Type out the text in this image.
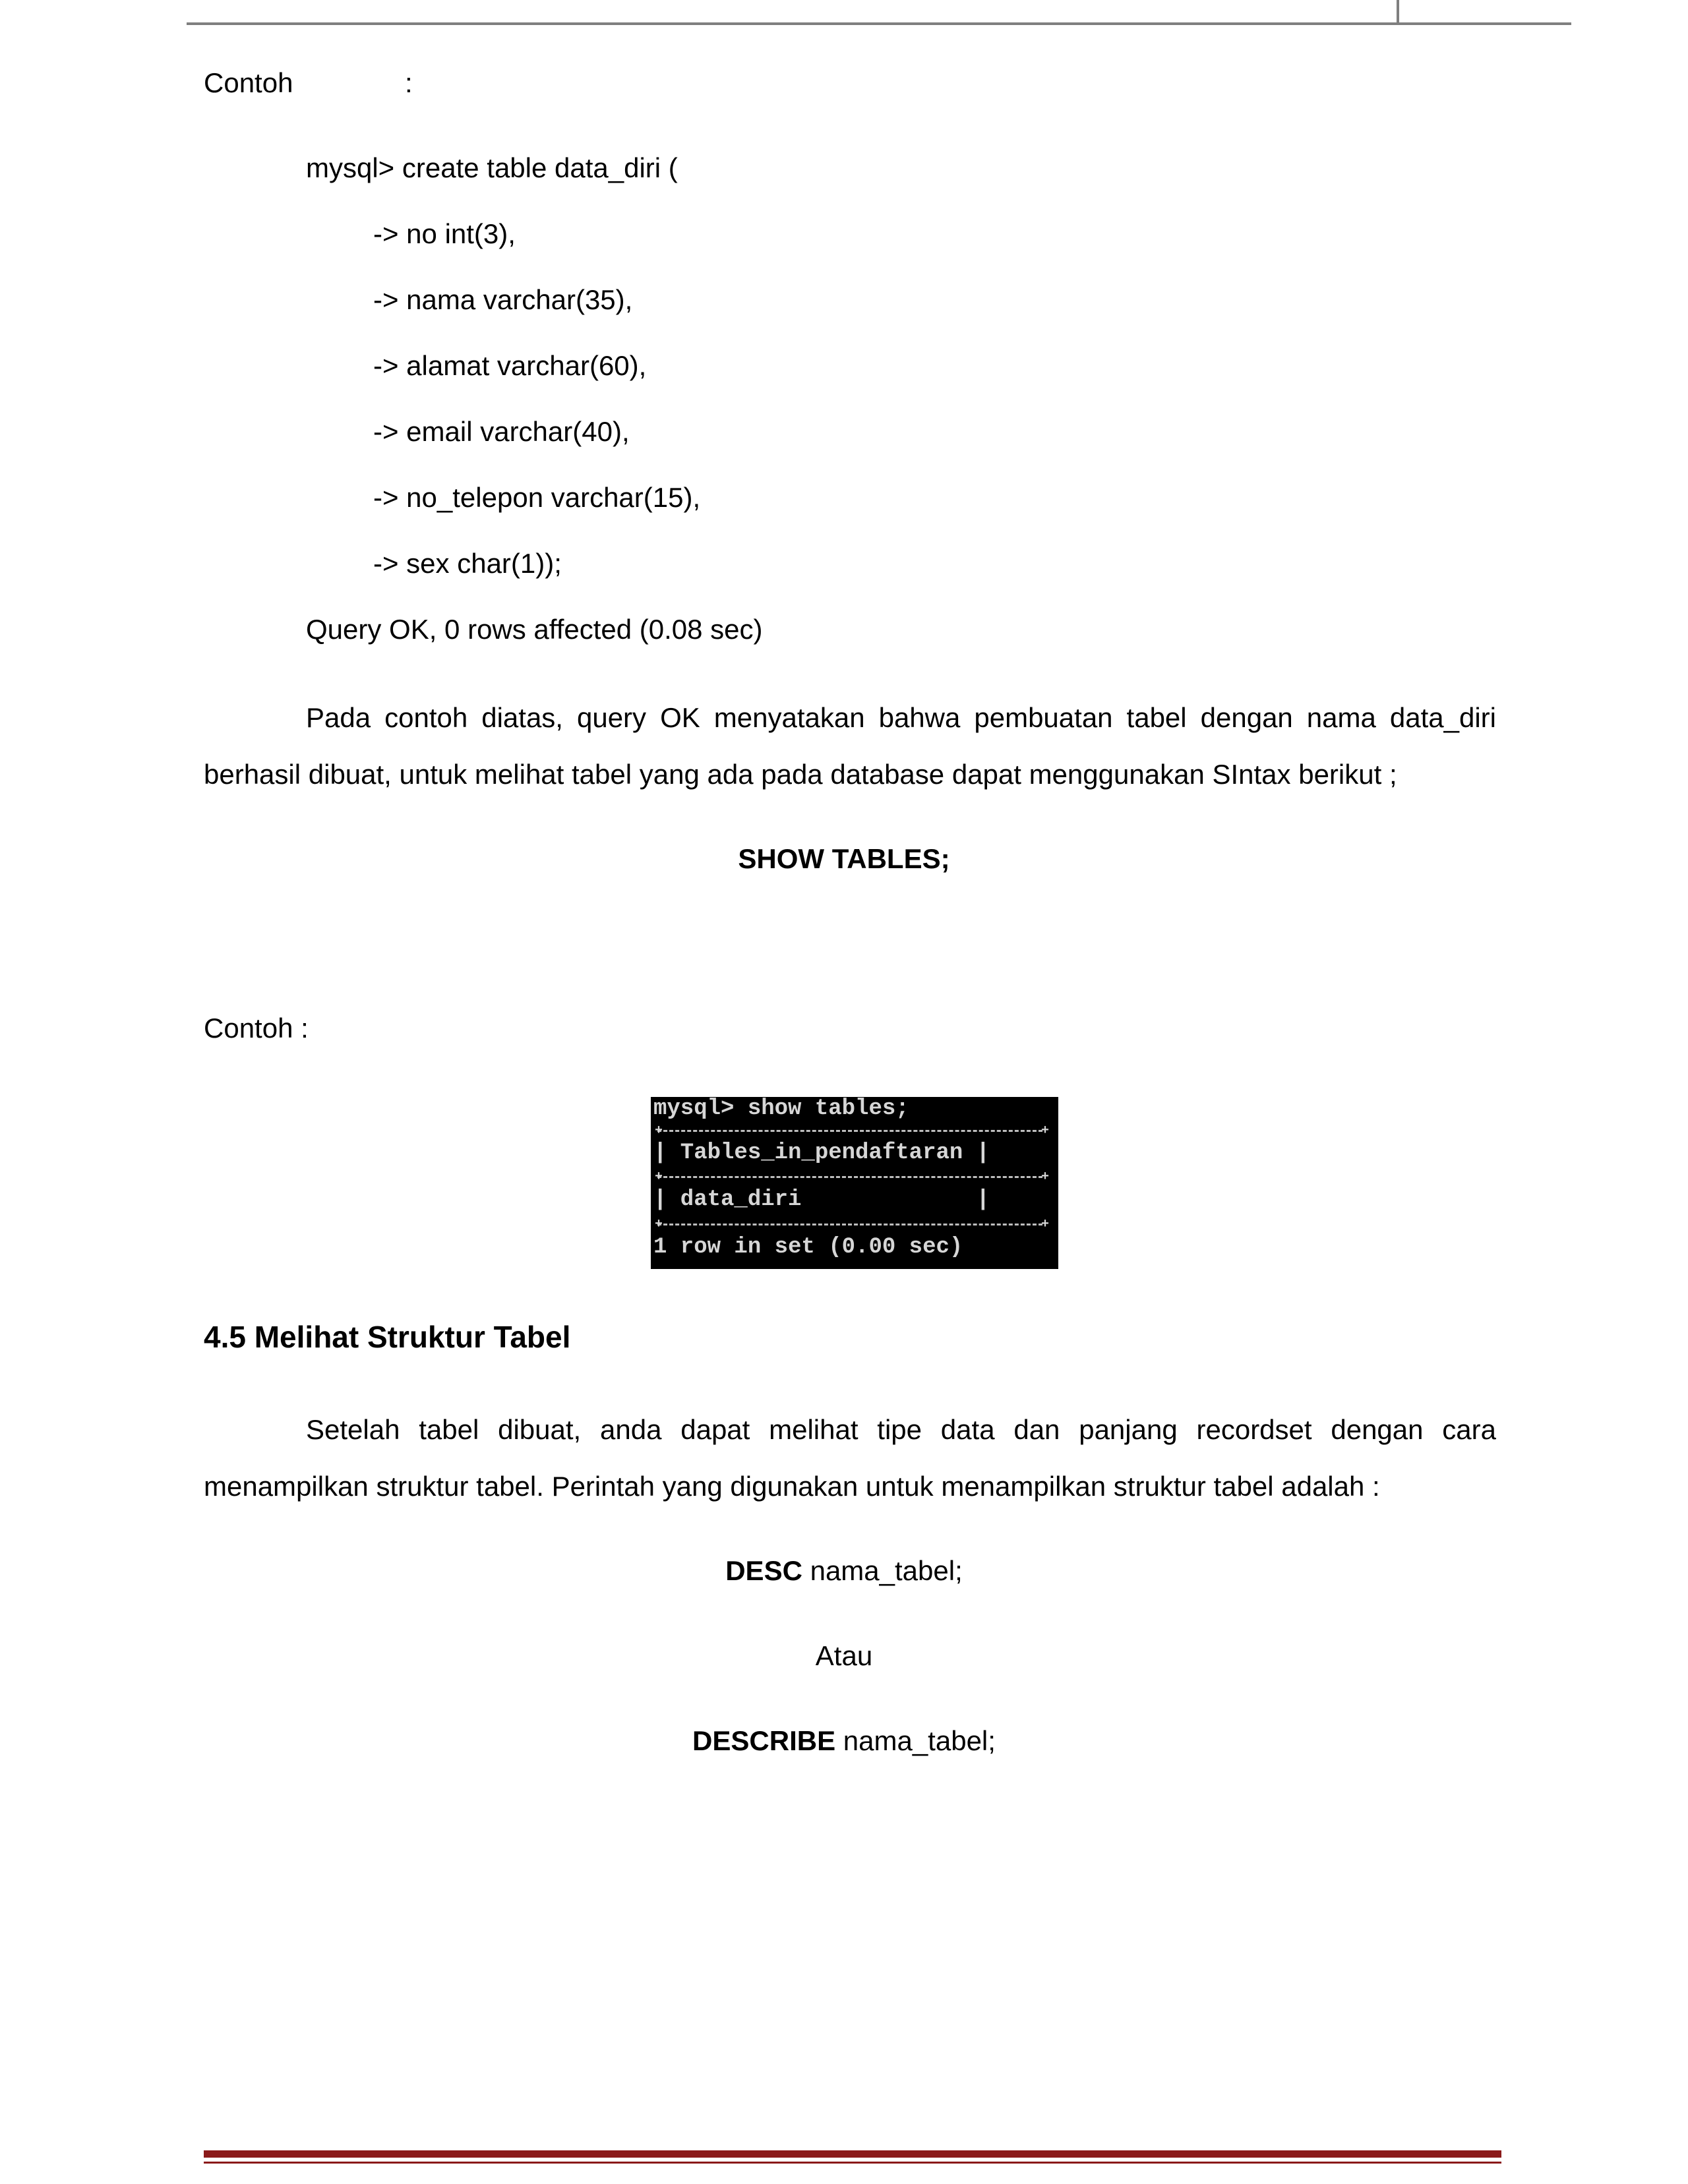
Contoh	:
mysql> create table data_diri (
-> no int(3),
-> nama varchar(35),
-> alamat varchar(60),
-> email varchar(40),
-> no_telepon varchar(15),
-> sex char(1));
Query OK, 0 rows affected (0.08 sec)
Pada contoh diatas, query OK menyatakan bahwa pembuatan tabel dengan nama data_diri berhasil dibuat, untuk melihat tabel yang ada pada database dapat menggunakan SIntax berikut ;
SHOW TABLES;
Contoh :
mysql> show tables;
+	+
| Tables_in_pendaftaran |
+	+
| data_diri             |
+	+
1 row in set (0.00 sec)
4.5 Melihat Struktur Tabel
Setelah tabel dibuat, anda dapat melihat tipe data dan panjang recordset dengan cara menampilkan struktur tabel. Perintah yang digunakan untuk menampilkan struktur tabel adalah :
DESC nama_tabel;
Atau
DESCRIBE nama_tabel;
